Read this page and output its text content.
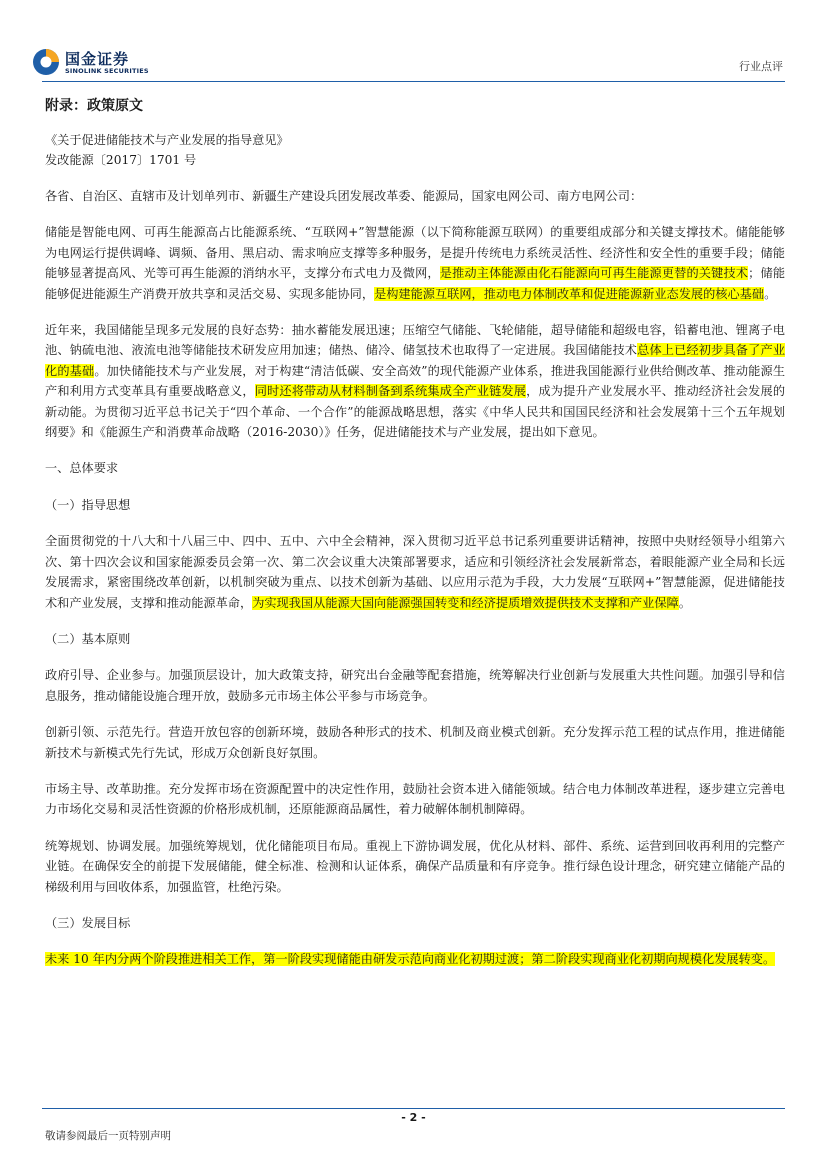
国金证券
SINOLINK SECURITIES	行业点评
附录：政策原文
《关于促进储能技术与产业发展的指导意见》
发改能源〔2017〕1701 号

各省、自治区、直辖市及计划单列市、新疆生产建设兵团发展改革委、能源局，国家电网公司、南方电网公司：

储能是智能电网、可再生能源高占比能源系统、“互联网+”智慧能源（以下简称能源互联网）的重要组成部分和关键支撑技术。储能能够为电网运行提供调峰、调频、备用、黑启动、需求响应支撑等多种服务，是提升传统电力系统灵活性、经济性和安全性的重要手段；储能能够显著提高风、光等可再生能源的消纳水平，支撑分布式电力及微网，是推动主体能源由化石能源向可再生能源更替的关键技术；储能能够促进能源生产消费开放共享和灵活交易、实现多能协同，是构建能源互联网，推动电力体制改革和促进能源新业态发展的核心基础。

近年来，我国储能呈现多元发展的良好态势：抽水蓄能发展迅速；压缩空气储能、飞轮储能，超导储能和超级电容，铅蓄电池、锂离子电池、钠硫电池、液流电池等储能技术研发应用加速；储热、储冷、储氢技术也取得了一定进展。我国储能技术总体上已经初步具备了产业化的基础。加快储能技术与产业发展，对于构建“清洁低碳、安全高效”的现代能源产业体系，推进我国能源行业供给侧改革、推动能源生产和利用方式变革具有重要战略意义，同时还将带动从材料制备到系统集成全产业链发展，成为提升产业发展水平、推动经济社会发展的新动能。为贯彻习近平总书记关于“四个革命、一个合作”的能源战略思想，落实《中华人民共和国国民经济和社会发展第十三个五年规划纲要》和《能源生产和消费革命战略（2016-2030）》任务，促进储能技术与产业发展，提出如下意见。

一、总体要求

（一）指导思想

全面贯彻党的十八大和十八届三中、四中、五中、六中全会精神，深入贯彻习近平总书记系列重要讲话精神，按照中央财经领导小组第六次、第十四次会议和国家能源委员会第一次、第二次会议重大决策部署要求，适应和引领经济社会发展新常态，着眼能源产业全局和长远发展需求，紧密围绕改革创新，以机制突破为重点、以技术创新为基础、以应用示范为手段，大力发展“互联网+”智慧能源，促进储能技术和产业发展，支撑和推动能源革命，为实现我国从能源大国向能源强国转变和经济提质增效提供技术支撑和产业保障。

（二）基本原则

政府引导、企业参与。加强顶层设计，加大政策支持，研究出台金融等配套措施，统筹解决行业创新与发展重大共性问题。加强引导和信息服务，推动储能设施合理开放，鼓励多元市场主体公平参与市场竞争。

创新引领、示范先行。营造开放包容的创新环境，鼓励各种形式的技术、机制及商业模式创新。充分发挥示范工程的试点作用，推进储能新技术与新模式先行先试，形成万众创新良好氛围。

市场主导、改革助推。充分发挥市场在资源配置中的决定性作用，鼓励社会资本进入储能领域。结合电力体制改革进程，逐步建立完善电力市场化交易和灵活性资源的价格形成机制，还原能源商品属性，着力破解体制机制障碍。

统筹规划、协调发展。加强统筹规划，优化储能项目布局。重视上下游协调发展，优化从材料、部件、系统、运营到回收再利用的完整产业链。在确保安全的前提下发展储能，健全标准、检测和认证体系，确保产品质量和有序竞争。推行绿色设计理念，研究建立储能产品的梯级利用与回收体系，加强监管，杜绝污染。

（三）发展目标

未来 10 年内分两个阶段推进相关工作，第一阶段实现储能由研发示范向商业化初期过渡；第二阶段实现商业化初期向规模化发展转变。

- 2 -
敬请参阅最后一页特别声明
